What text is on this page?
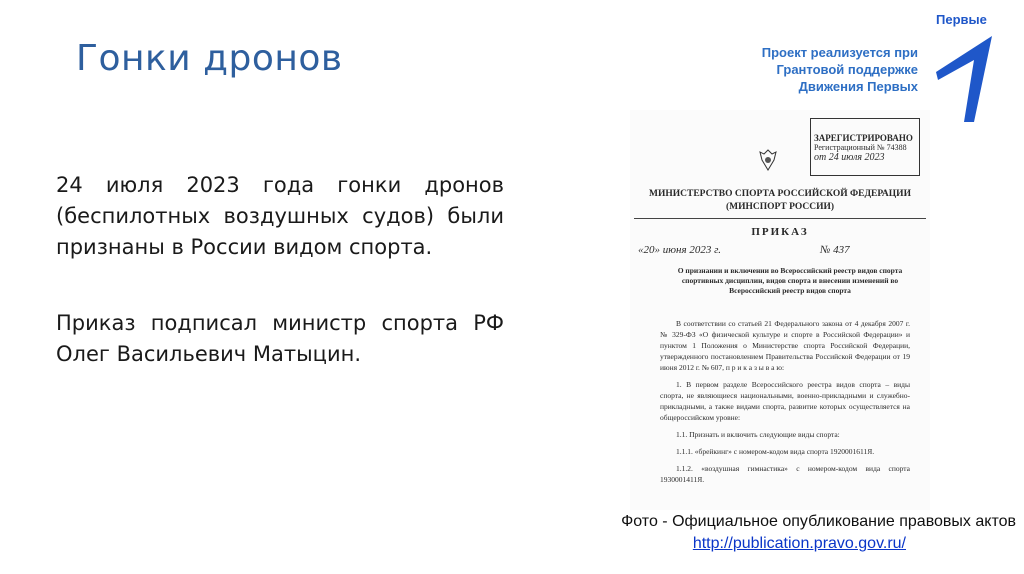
Гонки дронов	Проект реализуется при
Грантовой поддержке
Движения Первых
Первые
24 июля 2023 года гонки дронов (беспилотных воздушных судов) были признаны в России видом спорта.
Приказ подписал министр спорта РФ Олег Васильевич Матыцин.
ЗАРЕГИСТРИРОВАНО
Регистрационный № 74388
от 24 июля 2023
МИНИСТЕРСТВО СПОРТА РОССИЙСКОЙ ФЕДЕРАЦИИ
(МИНСПОРТ РОССИИ)
ПРИКАЗ
«20» июня 2023 г.	№ 437
О признании и включении во Всероссийский реестр видов спорта спортивных дисциплин, видов спорта и внесении изменений во Всероссийский реестр видов спорта

В соответствии со статьей 21 Федерального закона от 4 декабря 2007 г. № 329-ФЗ «О физической культуре и спорте в Российской Федерации» и пунктом 1 Положения о Министерстве спорта Российской Федерации, утвержденного постановлением Правительства Российской Федерации от 19 июня 2012 г. № 607, п р и к а з ы в а ю:

1. В первом разделе Всероссийского реестра видов спорта – виды спорта, не являющиеся национальными, военно-прикладными и служебно-прикладными, а также видами спорта, развитие которых осуществляется на общероссийском уровне:

1.1. Признать и включить следующие виды спорта:

1.1.1. «брейкинг» с номером-кодом вида спорта 1920001611Я.

1.1.2. «воздушная гимнастика» с номером-кодом вида спорта 1930001411Я.

Фото - Официальное опубликование правовых актов
http://publication.pravo.gov.ru/
